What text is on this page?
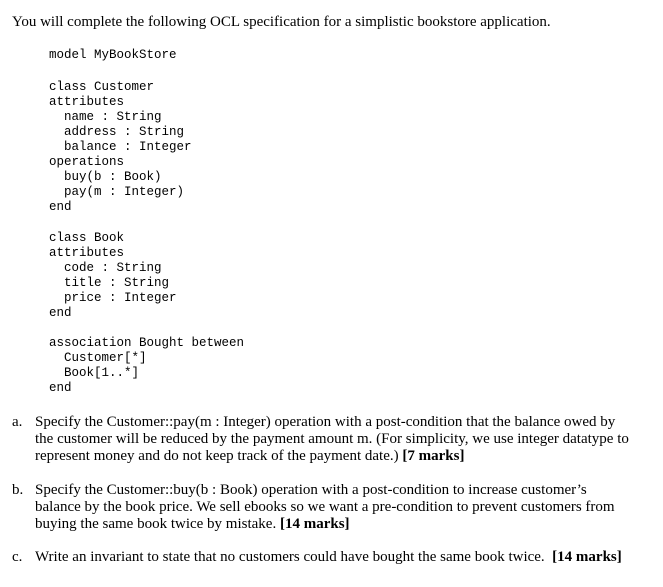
You will complete the following OCL specification for a simplistic bookstore application.

model MyBookStore

class Customer

attributes

name : String

address : String

balance : Integer

operations

buy(b : Book)

pay(m : Integer)

end

class Book

attributes

code : String

title : String

price : Integer

end

association Bought between

Customer[*]

Book[1..*]

end

a. Specify the Customer::pay(m : Integer) operation with a post-condition that the balance owed by the customer will be reduced by the payment amount m. (For simplicity, we use integer datatype to represent money and do not keep track of the payment date.) [7 marks]
b. Specify the Customer::buy(b : Book) operation with a post-condition to increase customer’s balance by the book price. We sell ebooks so we want a pre-condition to prevent customers from buying the same book twice by mistake. [14 marks]
c. Write an invariant to state that no customers could have bought the same book twice. [14 marks]
